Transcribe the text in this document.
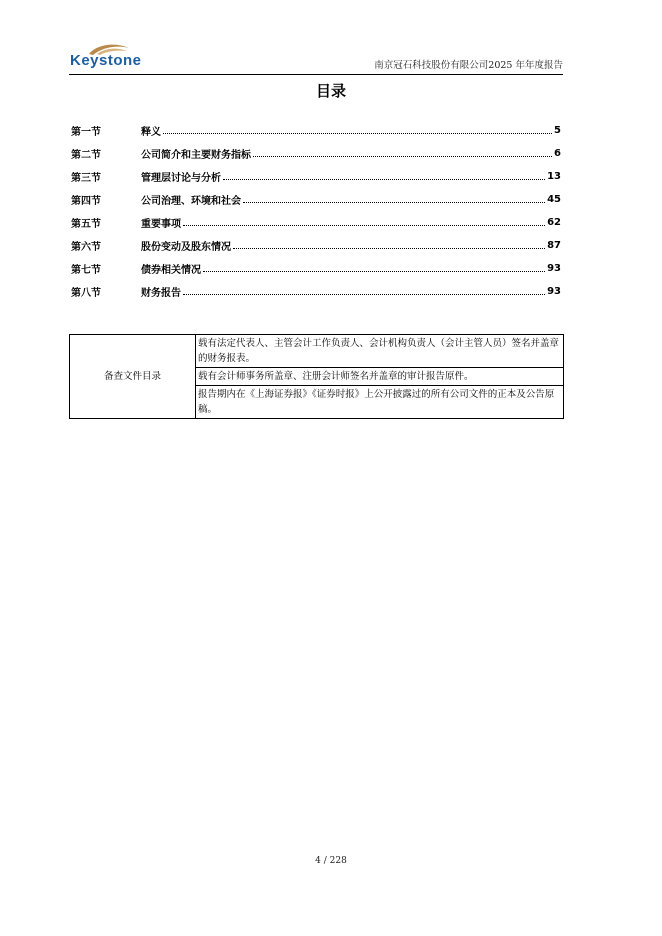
Keystone	南京冠石科技股份有限公司2025 年年度报告
目录
第一节	释义	5
第二节	公司简介和主要财务指标	6
第三节	管理层讨论与分析	13
第四节	公司治理、环境和社会	45
第五节	重要事项	62
第六节	股份变动及股东情况	87
第七节	债券相关情况	93
第八节	财务报告	93
备查文件目录	载有法定代表人、主管会计工作负责人、会计机构负责人（会计主管人员）签名并盖章的财务报表。
载有会计师事务所盖章、注册会计师签名并盖章的审计报告原件。
报告期内在《上海证券报》《证券时报》上公开披露过的所有公司文件的正本及公告原稿。
4 / 228
